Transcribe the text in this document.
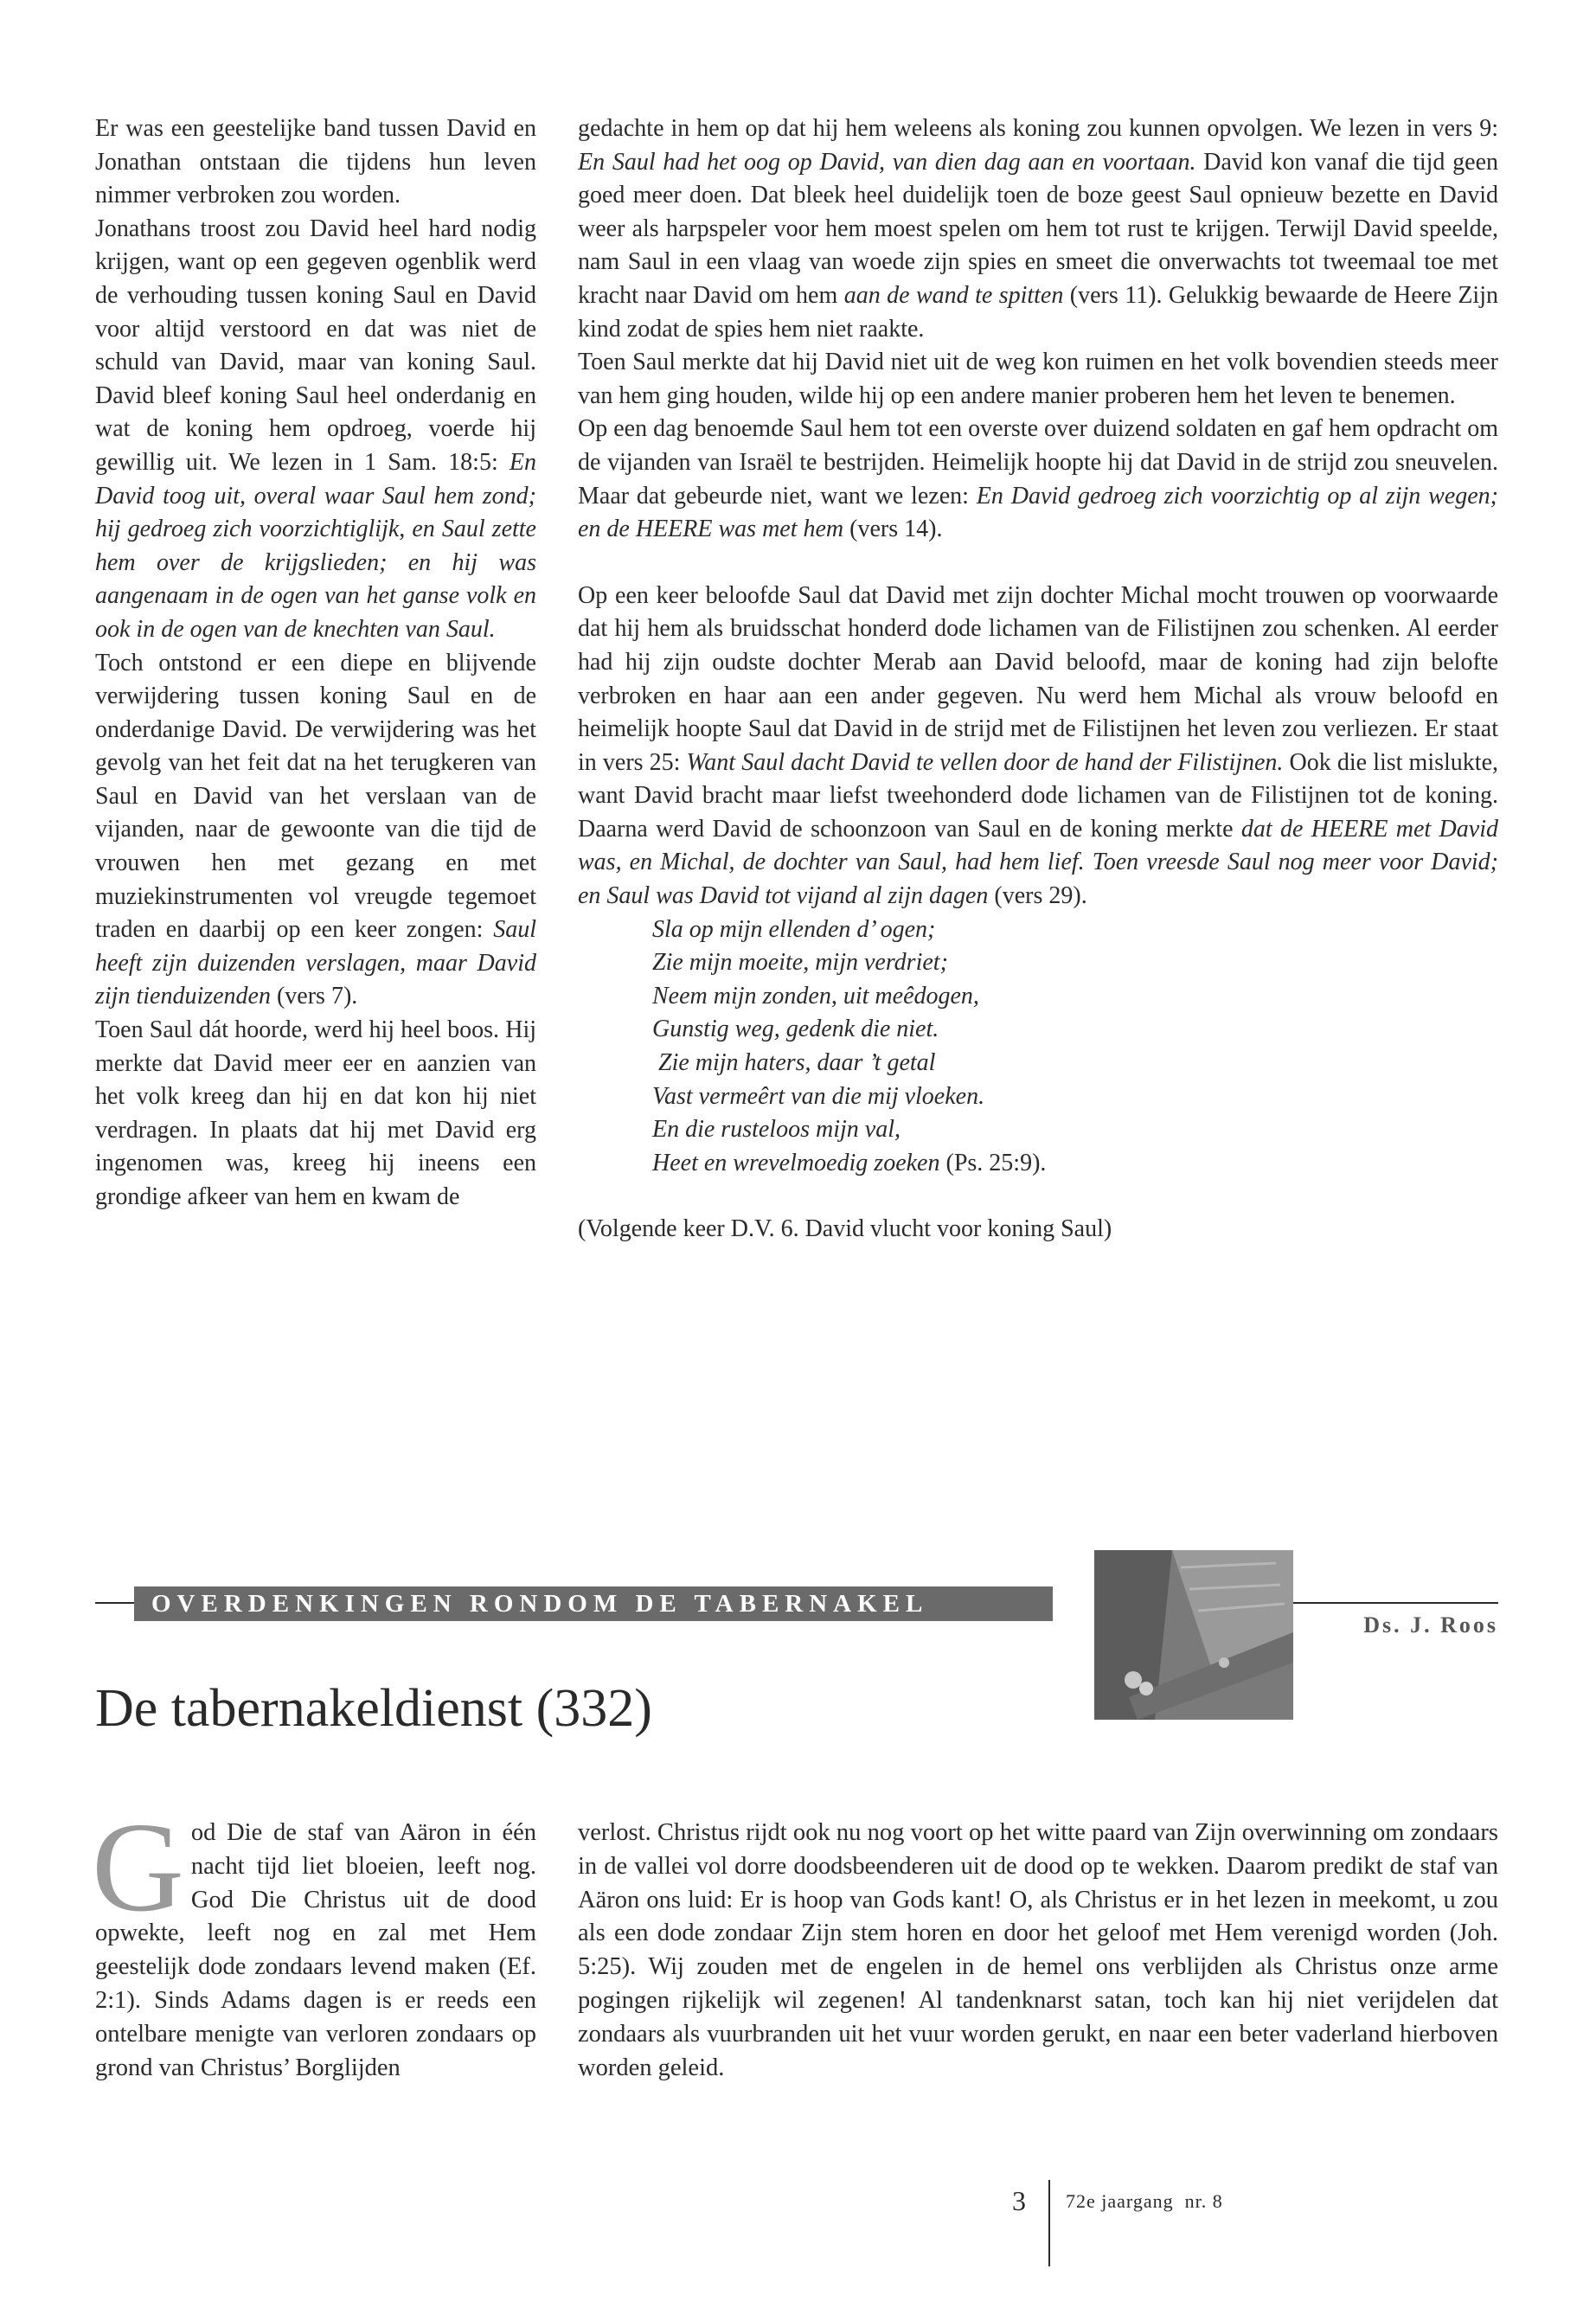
Er was een geestelijke band tussen David en Jonathan ontstaan die tijdens hun leven nimmer verbroken zou worden.

Jonathans troost zou David heel hard nodig krijgen, want op een gegeven ogenblik werd de verhouding tussen koning Saul en David voor altijd verstoord en dat was niet de schuld van David, maar van koning Saul. David bleef koning Saul heel onderdanig en wat de koning hem opdroeg, voerde hij gewillig uit. We lezen in 1 Sam. 18:5: En David toog uit, overal waar Saul hem zond; hij gedroeg zich voorzichtiglijk, en Saul zette hem over de krijgslieden; en hij was aangenaam in de ogen van het ganse volk en ook in de ogen van de knechten van Saul.

Toch ontstond er een diepe en blijvende verwijdering tussen koning Saul en de onderdanige David. De verwijdering was het gevolg van het feit dat na het terugkeren van Saul en David van het verslaan van de vijanden, naar de gewoonte van die tijd de vrouwen hen met gezang en met muziekinstrumenten vol vreugde tegemoet traden en daarbij op een keer zongen: Saul heeft zijn duizenden verslagen, maar David zijn tienduizenden (vers 7).

Toen Saul dát hoorde, werd hij heel boos. Hij merkte dat David meer eer en aanzien van het volk kreeg dan hij en dat kon hij niet verdragen. In plaats dat hij met David erg ingenomen was, kreeg hij ineens een grondige afkeer van hem en kwam de

gedachte in hem op dat hij hem weleens als koning zou kunnen opvolgen. We lezen in vers 9: En Saul had het oog op David, van dien dag aan en voortaan. David kon vanaf die tijd geen goed meer doen. Dat bleek heel duidelijk toen de boze geest Saul opnieuw bezette en David weer als harpspeler voor hem moest spelen om hem tot rust te krijgen. Terwijl David speelde, nam Saul in een vlaag van woede zijn spies en smeet die onverwachts tot tweemaal toe met kracht naar David om hem aan de wand te spitten (vers 11). Gelukkig bewaarde de Heere Zijn kind zodat de spies hem niet raakte.

Toen Saul merkte dat hij David niet uit de weg kon ruimen en het volk bovendien steeds meer van hem ging houden, wilde hij op een andere manier proberen hem het leven te benemen.

Op een dag benoemde Saul hem tot een overste over duizend soldaten en gaf hem opdracht om de vijanden van Israël te bestrijden. Heimelijk hoopte hij dat David in de strijd zou sneuvelen. Maar dat gebeurde niet, want we lezen: En David gedroeg zich voorzichtig op al zijn wegen; en de HEERE was met hem (vers 14).

Op een keer beloofde Saul dat David met zijn dochter Michal mocht trouwen op voorwaarde dat hij hem als bruidsschat honderd dode lichamen van de Filistijnen zou schenken. Al eerder had hij zijn oudste dochter Merab aan David beloofd, maar de koning had zijn belofte verbroken en haar aan een ander gegeven. Nu werd hem Michal als vrouw beloofd en heimelijk hoopte Saul dat David in de strijd met de Filistijnen het leven zou verliezen. Er staat in vers 25: Want Saul dacht David te vellen door de hand der Filistijnen. Ook die list mislukte, want David bracht maar liefst tweehonderd dode lichamen van de Filistijnen tot de koning. Daarna werd David de schoonzoon van Saul en de koning merkte dat de HEERE met David was, en Michal, de dochter van Saul, had hem lief. Toen vreesde Saul nog meer voor David; en Saul was David tot vijand al zijn dagen (vers 29).

Sla op mijn ellenden d’ ogen;

Zie mijn moeite, mijn verdriet;

Neem mijn zonden, uit meêdogen,

Gunstig weg, gedenk die niet.

Zie mijn haters, daar ’t getal

Vast vermeêrt van die mij vloeken.

En die rusteloos mijn val,

Heet en wrevelmoedig zoeken (Ps. 25:9).

(Volgende keer D.V. 6. David vlucht voor koning Saul)

OVERDENKINGEN RONDOM DE TABERNAKEL
Ds. J. Roos
De tabernakeldienst (332)
God Die de staf van Aäron in één nacht tijd liet bloeien, leeft nog. God Die Christus uit de dood opwekte, leeft nog en zal met Hem geestelijk dode zondaars levend maken (Ef. 2:1). Sinds Adams dagen is er reeds een ontelbare menigte van verloren zondaars op grond van Christus’ Borglijden

verlost. Christus rijdt ook nu nog voort op het witte paard van Zijn overwinning om zondaars in de vallei vol dorre doodsbeenderen uit de dood op te wekken. Daarom predikt de staf van Aäron ons luid: Er is hoop van Gods kant! O, als Christus er in het lezen in meekomt, u zou als een dode zondaar Zijn stem horen en door het geloof met Hem verenigd worden (Joh. 5:25). Wij zouden met de engelen in de hemel ons verblijden als Christus onze arme pogingen rijkelijk wil zegenen! Al tandenknarst satan, toch kan hij niet verijdelen dat zondaars als vuurbranden uit het vuur worden gerukt, en naar een beter vaderland hierboven worden geleid.

3 72e jaargang  nr. 8
